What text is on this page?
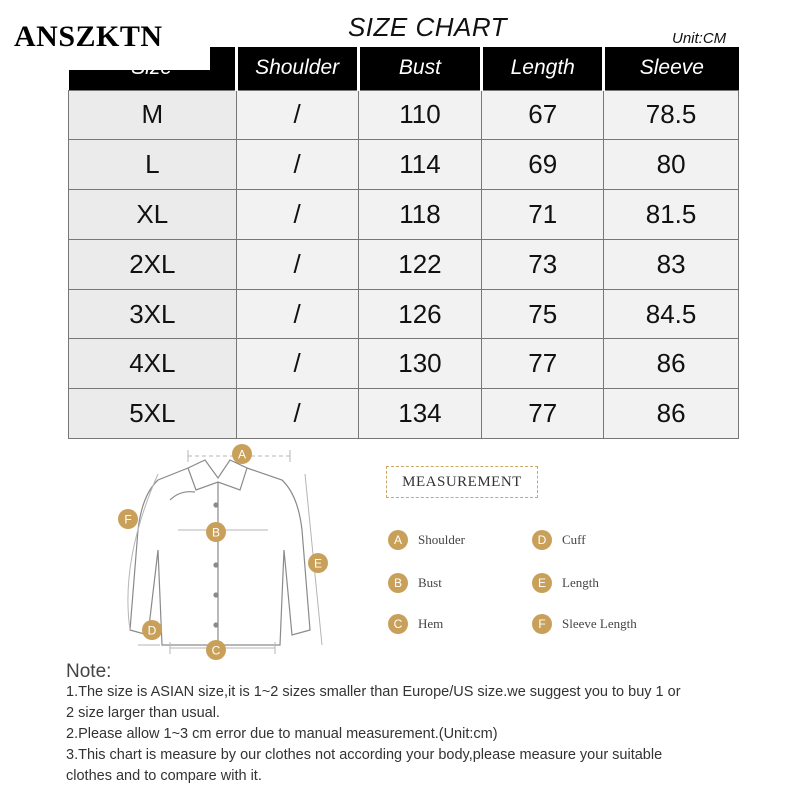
SIZE CHART	Unit:CM
	Shoulder	Bust	Length	Sleeve
M	/	110	67	78.5
L	/	114	69	80
XL	/	118	71	81.5
2XL	/	122	73	83
3XL	/	126	75	84.5
4XL	/	130	77	86
5XL	/	134	77	86
ANSZKTN
A
B
C
D
E
F
MEASUREMENT
A	Shoulder
B	Bust
C	Hem
D	Cuff
E	Length
F	Sleeve Length
Note:
1.The size is ASIAN size,it is 1~2 sizes smaller than Europe/US size.we suggest you to buy 1 or 2 size larger than usual.
2.Please allow 1~3 cm error due to manual measurement.(Unit:cm)
3.This chart is measure by our clothes not according your body,please measure your suitable clothes and to compare with it.
